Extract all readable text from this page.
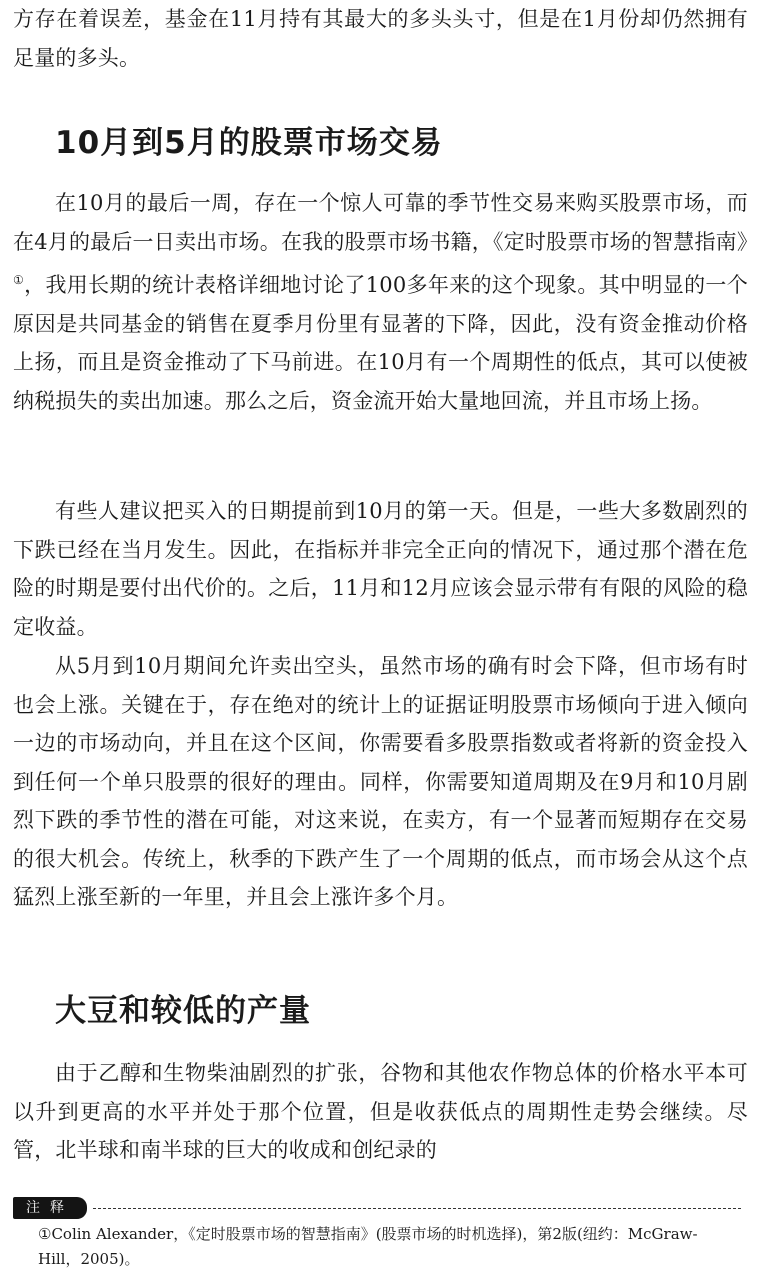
方存在着误差，基金在11月持有其最大的多头头寸，但是在1月份却仍然拥有足量的多头。

10月到5月的股票市场交易

在10月的最后一周，存在一个惊人可靠的季节性交易来购买股票市场，而在4月的最后一日卖出市场。在我的股票市场书籍，《定时股票市场的智慧指南》①，我用长期的统计表格详细地讨论了100多年来的这个现象。其中明显的一个原因是共同基金的销售在夏季月份里有显著的下降，因此，没有资金推动价格上扬，而且是资金推动了下马前进。在10月有一个周期性的低点，其可以使被纳税损失的卖出加速。那么之后，资金流开始大量地回流，并且市场上扬。

有些人建议把买入的日期提前到10月的第一天。但是，一些大多数剧烈的下跌已经在当月发生。因此，在指标并非完全正向的情况下，通过那个潜在危险的时期是要付出代价的。之后，11月和12月应该会显示带有有限的风险的稳定收益。

从5月到10月期间允许卖出空头，虽然市场的确有时会下降，但市场有时也会上涨。关键在于，存在绝对的统计上的证据证明股票市场倾向于进入倾向一边的市场动向，并且在这个区间，你需要看多股票指数或者将新的资金投入到任何一个单只股票的很好的理由。同样，你需要知道周期及在9月和10月剧烈下跌的季节性的潜在可能，对这来说，在卖方，有一个显著而短期存在交易的很大机会。传统上，秋季的下跌产生了一个周期的低点，而市场会从这个点猛烈上涨至新的一年里，并且会上涨许多个月。

大豆和较低的产量

由于乙醇和生物柴油剧烈的扩张，谷物和其他农作物总体的价格水平本可以升到更高的水平并处于那个位置，但是收获低点的周期性走势会继续。尽管，北半球和南半球的巨大的收成和创纪录的

注释

①Colin Alexander，《定时股票市场的智慧指南》(股票市场的时机选择)，第2版(纽约：McGraw-Hill，2005)。
